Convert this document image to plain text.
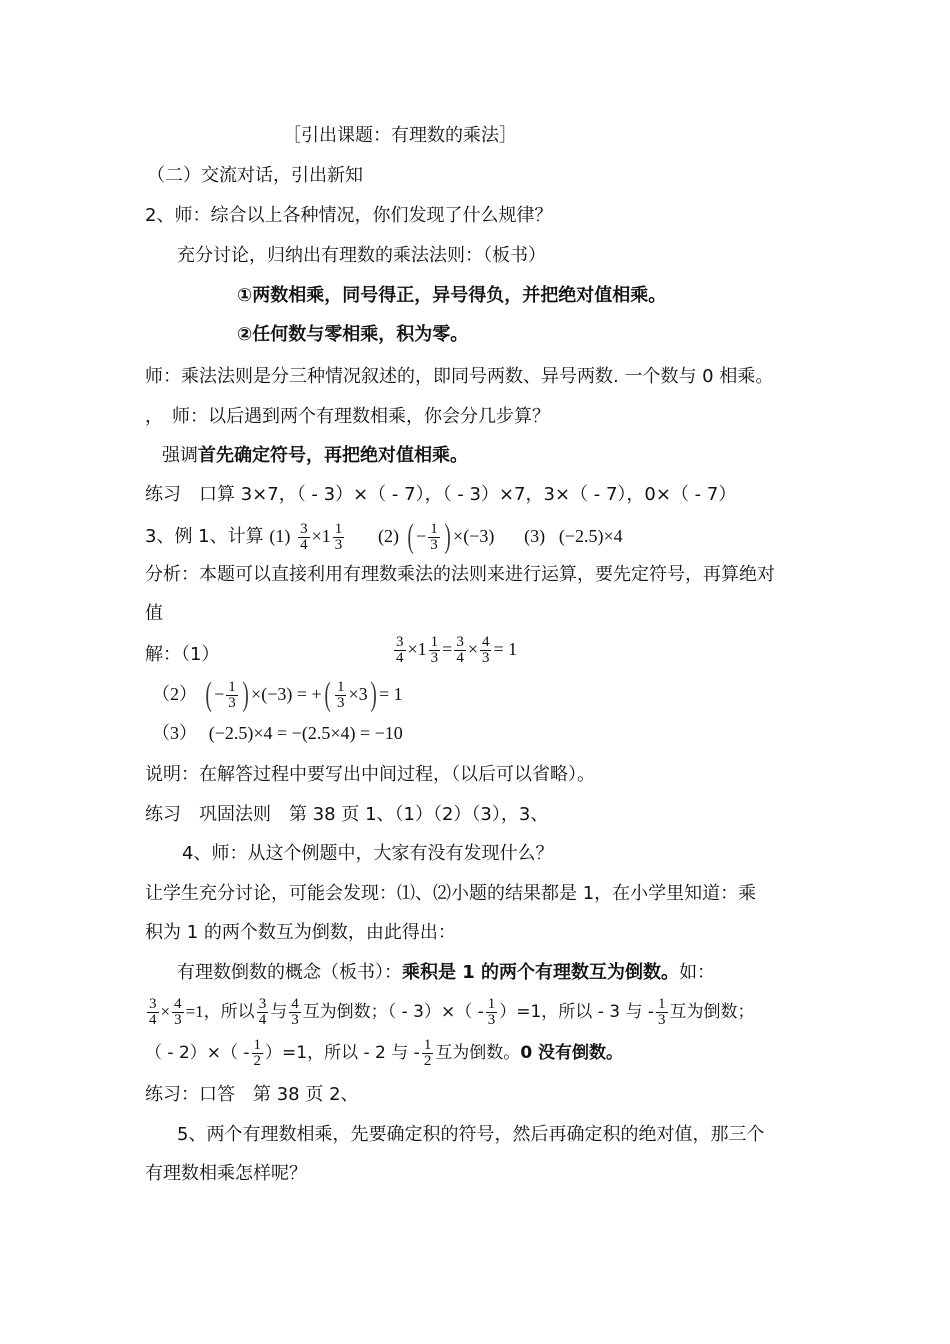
［引出课题：有理数的乘法］
（二）交流对话，引出新知
2、师：综合以上各种情况，你们发现了什么规律？
充分讨论，归纳出有理数的乘法法则：（板书）
①两数相乘，同号得正，异号得负，并把绝对值相乘。
②任何数与零相乘，积为零。
师：乘法法则是分三种情况叙述的，即同号两数、异号两数. 一个数与 0 相乘。
，　师：以后遇到两个有理数相乘，你会分几步算？
强调首先确定符号，再把绝对值相乘。
练习　口算 3×7，（ - 3）×（ - 7），（ - 3）×7，3×（ - 7），0×（ - 7）
3、例 1、计算 $(1) \frac{3}{4} \times 1 \frac{1}{3} (2)$ ( − $\frac{1}{3}$ ) ×(−3) (3) (−2.5)×4
分析：本题可以直接利用有理数乘法的法则来进行运算，要先定符号，再算绝对
值
解：（1）	$\frac{3}{4} \times 1 \frac{1}{3} = \frac{3}{4} \times \frac{4}{3} = 1$
（2） ( − $\frac{1}{3}$ ) ×(−3) = +( $\frac{1}{3} \times 3) = 1$
（3） (−2.5)×4 = −(2.5×4) = −10
说明：在解答过程中要写出中间过程，（以后可以省略）。
练习　巩固法则　第 38 页 1、（1）（2）（3），3、
4、师：从这个例题中，大家有没有发现什么？
让学生充分讨论，可能会发现：⑴、⑵小题的结果都是 1，在小学里知道：乘
积为 1 的两个数互为倒数，由此得出：
有理数倒数的概念（板书）：乘积是 1 的两个有理数互为倒数。如：
$\frac{3}{4} \times \frac{4}{3} =1$，所以 $\frac{3}{4}$ 与 $\frac{4}{3}$ 互为倒数；（ - $3)\times( - \frac{1}{3} )=1$，所以 - 3 与 - $\frac{1}{3}$ 互为倒数；
（ - $2)\times( - \frac{1}{2} )=1$，所以 - 2 与 - $\frac{1}{2}$ 互为倒数。0 没有倒数。
练习：口答　第 38 页 2、
5、两个有理数相乘，先要确定积的符号，然后再确定积的绝对值，那三个
有理数相乘怎样呢？
